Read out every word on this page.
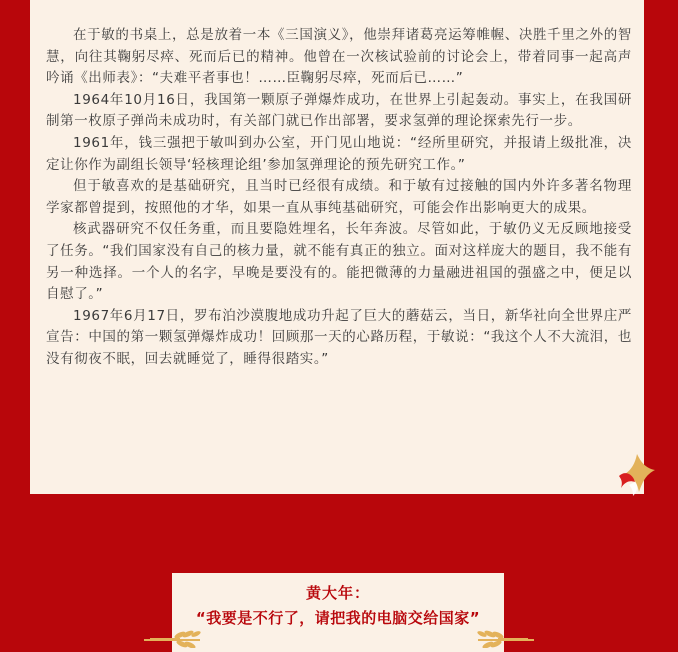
在于敏的书桌上，总是放着一本《三国演义》，他崇拜诸葛亮运筹帷幄、决胜千里之外的智慧，向往其鞠躬尽瘁、死而后已的精神。他曾在一次核试验前的讨论会上，带着同事一起高声吟诵《出师表》：“夫难平者事也！……臣鞠躬尽瘁，死而后已……”

1964年10月16日，我国第一颗原子弹爆炸成功，在世界上引起轰动。事实上，在我国研制第一枚原子弹尚未成功时，有关部门就已作出部署，要求氢弹的理论探索先行一步。

1961年，钱三强把于敏叫到办公室，开门见山地说：“经所里研究，并报请上级批准，决定让你作为副组长领导‘轻核理论组’参加氢弹理论的预先研究工作。”

但于敏喜欢的是基础研究，且当时已经很有成绩。和于敏有过接触的国内外许多著名物理学家都曾提到，按照他的才华，如果一直从事纯基础研究，可能会作出影响更大的成果。

核武器研究不仅任务重，而且要隐姓埋名，长年奔波。尽管如此，于敏仍义无反顾地接受了任务。“我们国家没有自己的核力量，就不能有真正的独立。面对这样庞大的题目，我不能有另一种选择。一个人的名字，早晚是要没有的。能把微薄的力量融进祖国的强盛之中，便足以自慰了。”

1967年6月17日，罗布泊沙漠腹地成功升起了巨大的蘑菇云，当日，新华社向全世界庄严宣告：中国的第一颗氢弹爆炸成功！回顾那一天的心路历程，于敏说：“我这个人不大流泪，也没有彻夜不眠，回去就睡觉了，睡得很踏实。”

黄大年：
“我要是不行了，请把我的电脑交给国家”
